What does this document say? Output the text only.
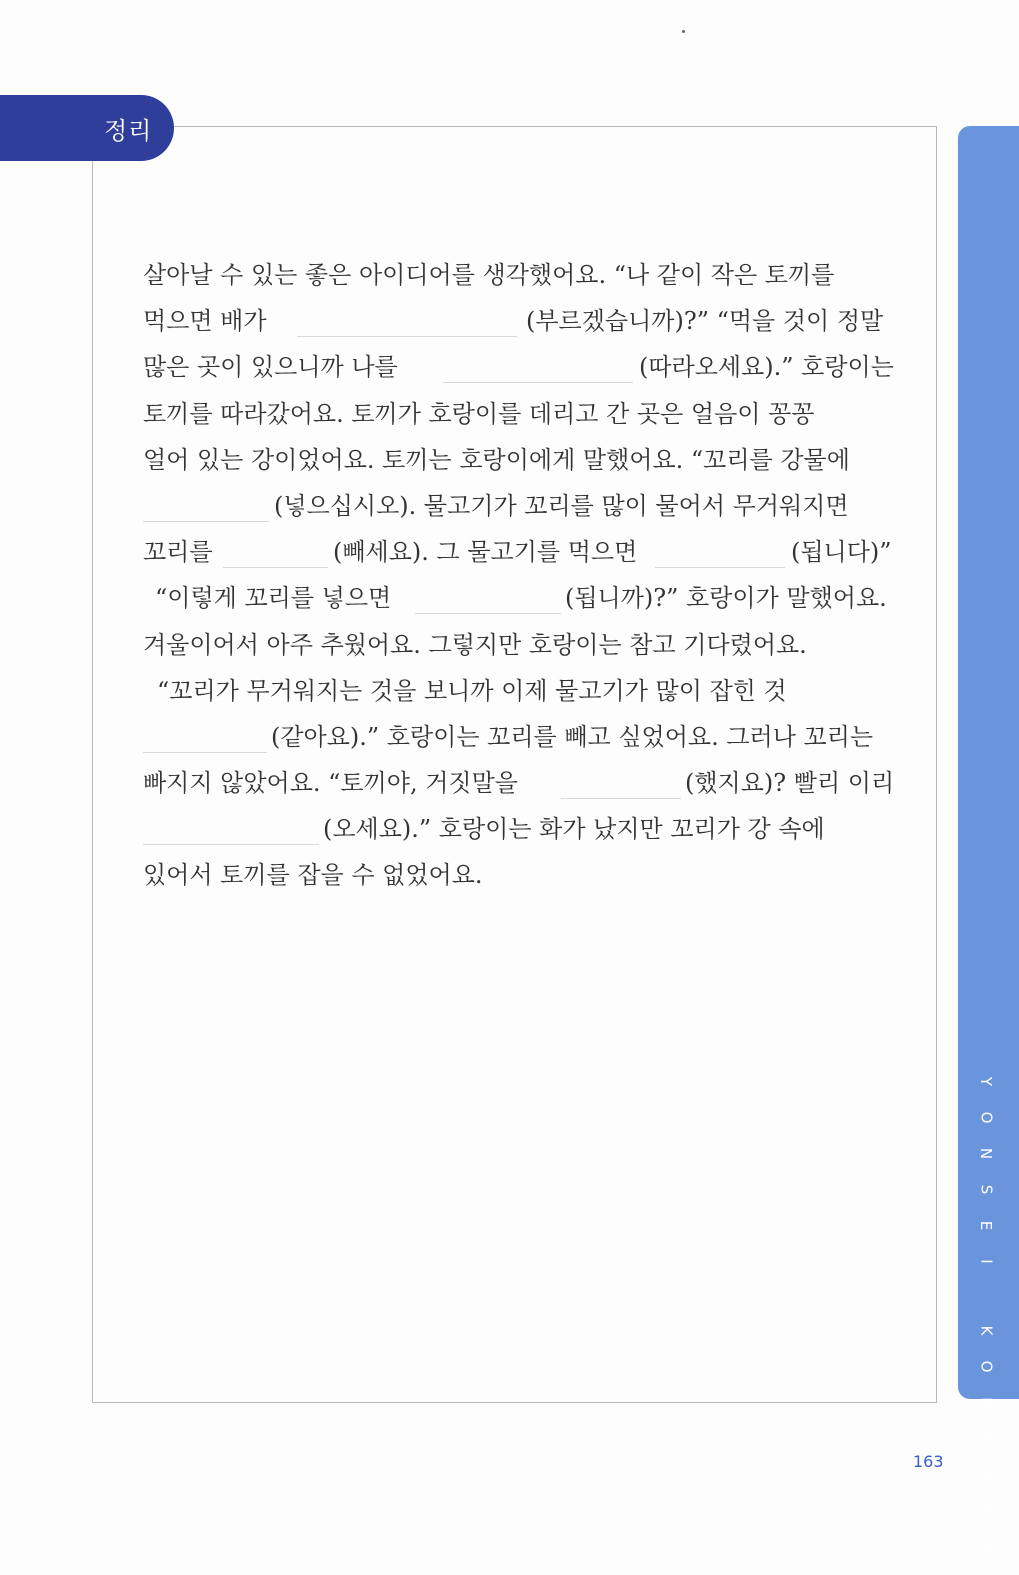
정리
Y
O
N
S
E
I
K
O
R
E
A
N
2
살아날 수 있는 좋은 아이디어를 생각했어요. “나 같이 작은 토끼를
먹으면 배가	(부르겠습니까)?” “먹을 것이 정말
많은 곳이 있으니까 나를	(따라오세요).” 호랑이는
토끼를 따라갔어요. 토끼가 호랑이를 데리고 간 곳은 얼음이 꽁꽁
얼어 있는 강이었어요. 토끼는 호랑이에게 말했어요. “꼬리를 강물에
(넣으십시오). 물고기가 꼬리를 많이 물어서 무거워지면
꼬리를	(빼세요). 그 물고기를 먹으면	(됩니다)”
“이렇게 꼬리를 넣으면	(됩니까)?” 호랑이가 말했어요.
겨울이어서 아주 추웠어요. 그렇지만 호랑이는 참고 기다렸어요.
“꼬리가 무거워지는 것을 보니까 이제 물고기가 많이 잡힌 것
(같아요).” 호랑이는 꼬리를 빼고 싶었어요. 그러나 꼬리는
빠지지 않았어요. “토끼야, 거짓말을	(했지요)? 빨리 이리
(오세요).” 호랑이는 화가 났지만 꼬리가 강 속에
있어서 토끼를 잡을 수 없었어요.
163
